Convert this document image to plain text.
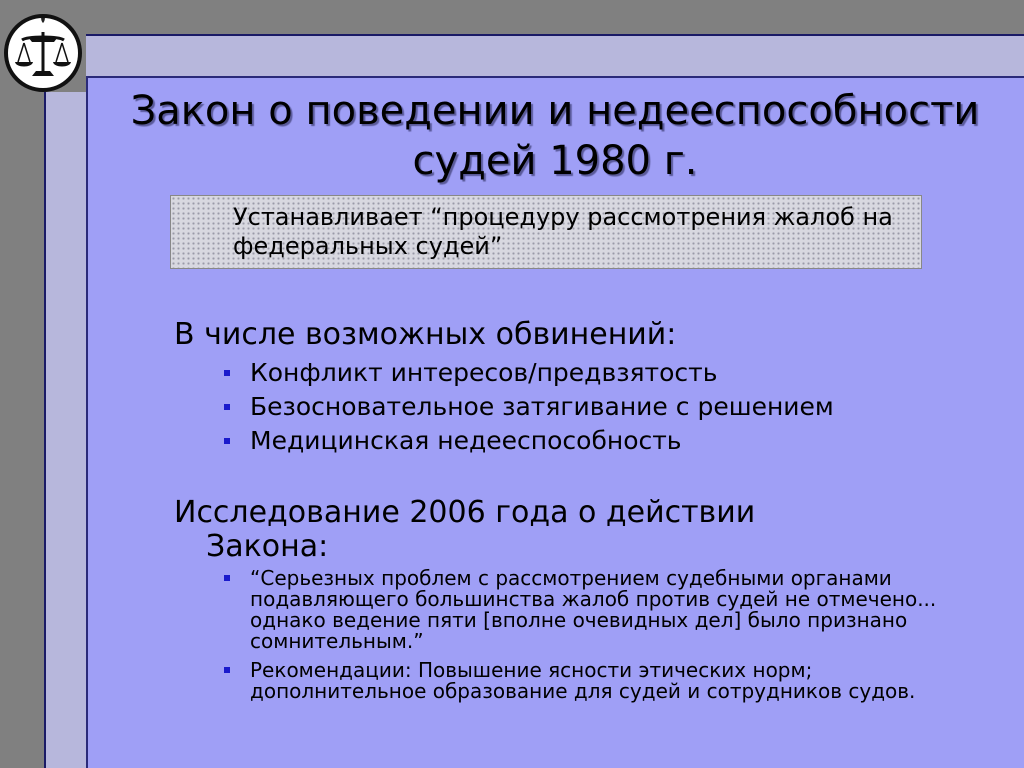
Закон о поведении и недееспособности судей 1980 г.
Устанавливает “процедуру рассмотрения жалоб на федеральных судей”
В числе возможных обвинений:
Конфликт интересов/предвзятость
Безосновательное затягивание с решением
Медицинская недееспособность
Исследование 2006 года о действии
Закона:
“Серьезных проблем с рассмотрением судебными органами подавляющего большинства жалоб против судей не отмечено... однако ведение пяти [вполне очевидных дел] было признано сомнительным.”
Рекомендации: Повышение ясности этических норм; дополнительное образование для судей и сотрудников судов.
